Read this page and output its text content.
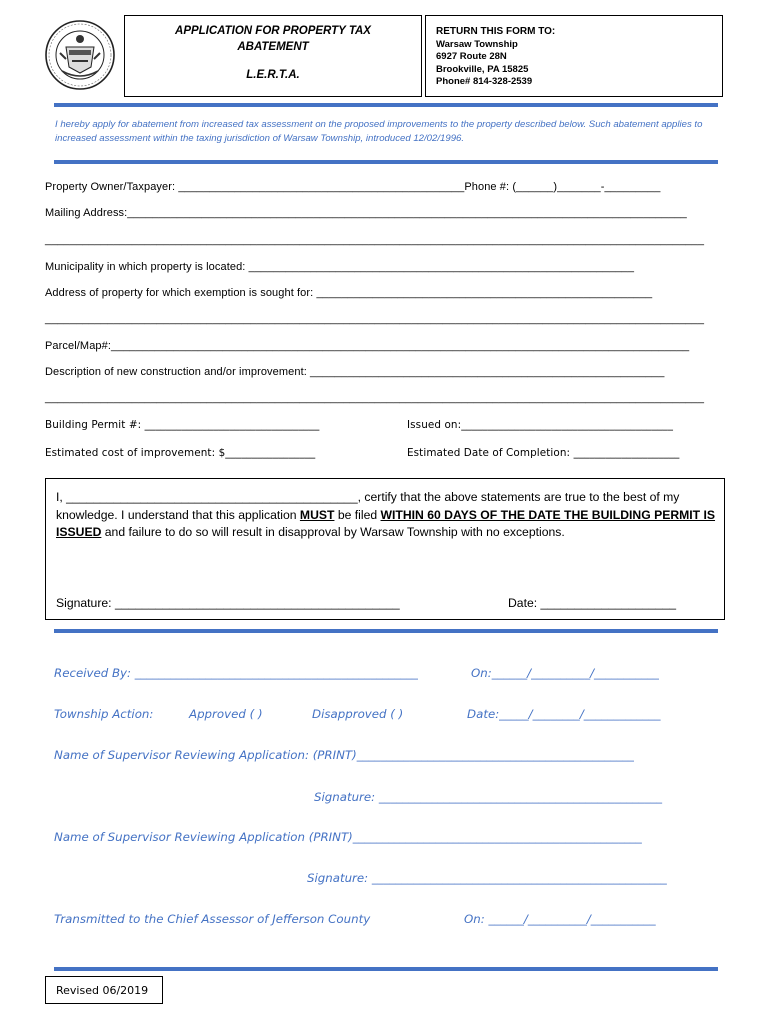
APPLICATION FOR PROPERTY TAX
ABATEMENT
L.E.R.T.A.
RETURN THIS FORM TO:
Warsaw Township
6927 Route 28N
Brookville, PA 15825
Phone# 814-328-2539
I hereby apply for abatement from increased tax assessment on the proposed improvements to the property described below. Such abatement applies to increased assessment within the taxing jurisdiction of Warsaw Township, introduced 12/02/1996.
Property Owner/Taxpayer: ______________________________________________Phone #: (______)_______-_________
Mailing Address:__________________________________________________________________________________________
__________________________________________________________________________________________________________
Municipality in which property is located: ______________________________________________________________
Address of property for which exemption is sought for: ______________________________________________________
__________________________________________________________________________________________________________
Parcel/Map#:_____________________________________________________________________________________________
Description of new construction and/or improvement: _________________________________________________________
__________________________________________________________________________________________________________
Building Permit #: _________________________________	Issued on:________________________________________
Estimated cost of improvement: $_________________	Estimated Date of Completion: ____________________
I, ___________________________________________, certify that the above statements are true to the best of my knowledge. I understand that this application MUST be filed WITHIN 60 DAYS OF THE DATE THE BUILDING PERMIT IS ISSUED and failure to do so will result in disapproval by Warsaw Township with no exceptions.
Signature: __________________________________________	Date: ____________________
Received By: ________________________________________________	On:______/__________/___________
Township Action:	Approved ( )	Disapproved ( )	Date:_____/________/_____________
Name of Supervisor Reviewing Application: (PRINT)_______________________________________________
Signature: ________________________________________________
Name of Supervisor Reviewing Application (PRINT)_________________________________________________
Signature: __________________________________________________
Transmitted to the Chief Assessor of Jefferson County	On: ______/__________/___________
Revised 06/2019
